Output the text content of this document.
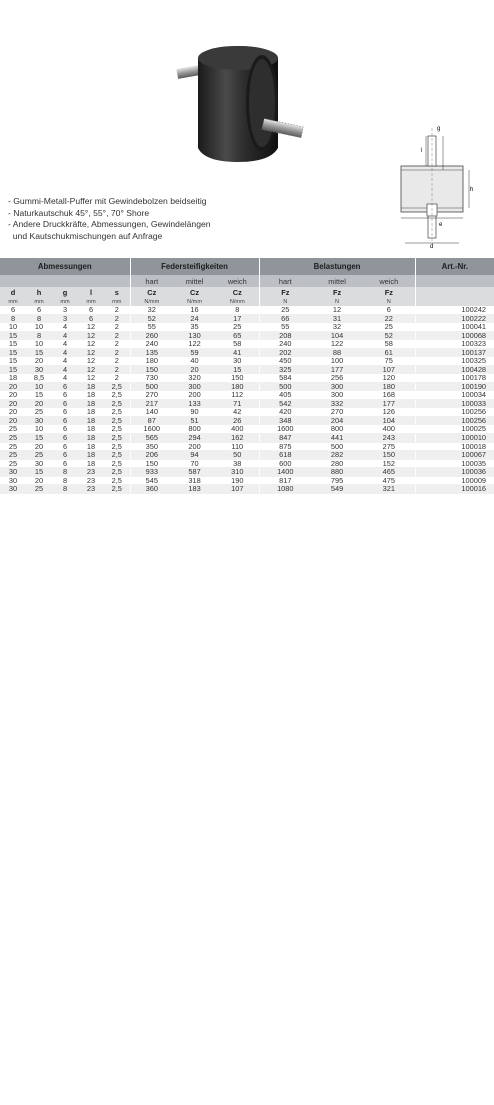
g
l
h
e
d
- Gummi-Metall-Puffer mit Gewindebolzen beidseitig
- Naturkautschuk 45°, 55°, 70° Shore
- Andere Druckkräfte, Abmessungen, Gewindelängen
und Kautschukmischungen auf Anfrage
Abmessungen					Federsteifigkeiten			Belastungen			Art.-Nr.
					hart	mittel	weich	hart	mittel	weich	
d	h	g	l	s	Cz	Cz	Cz	Fz	Fz	Fz	
mm	mm	mm	mm	mm	N/mm	N/mm	N/mm	N	N	N	
6	6	3	6	2	32	16	8	25	12	6	100242
8	8	3	6	2	52	24	17	66	31	22	100222
10	10	4	12	2	55	35	25	55	32	25	100041
15	8	4	12	2	260	130	65	208	104	52	100068
15	10	4	12	2	240	122	58	240	122	58	100323
15	15	4	12	2	135	59	41	202	88	61	100137
15	20	4	12	2	180	40	30	450	100	75	100325
15	30	4	12	2	150	20	15	325	177	107	100428
18	8,5	4	12	2	730	320	150	584	256	120	100178
20	10	6	18	2,5	500	300	180	500	300	180	100190
20	15	6	18	2,5	270	200	112	405	300	168	100034
20	20	6	18	2,5	217	133	71	542	332	177	100033
20	25	6	18	2,5	140	90	42	420	270	126	100256
20	30	6	18	2,5	87	51	26	348	204	104	100256
25	10	6	18	2,5	1600	800	400	1600	800	400	100025
25	15	6	18	2,5	565	294	162	847	441	243	100010
25	20	6	18	2,5	350	200	110	875	500	275	100018
25	25	6	18	2,5	206	94	50	618	282	150	100067
25	30	6	18	2,5	150	70	38	600	280	152	100035
30	15	8	23	2,5	933	587	310	1400	880	465	100036
30	20	8	23	2,5	545	318	190	817	795	475	100009
30	25	8	23	2,5	360	183	107	1080	549	321	100016
